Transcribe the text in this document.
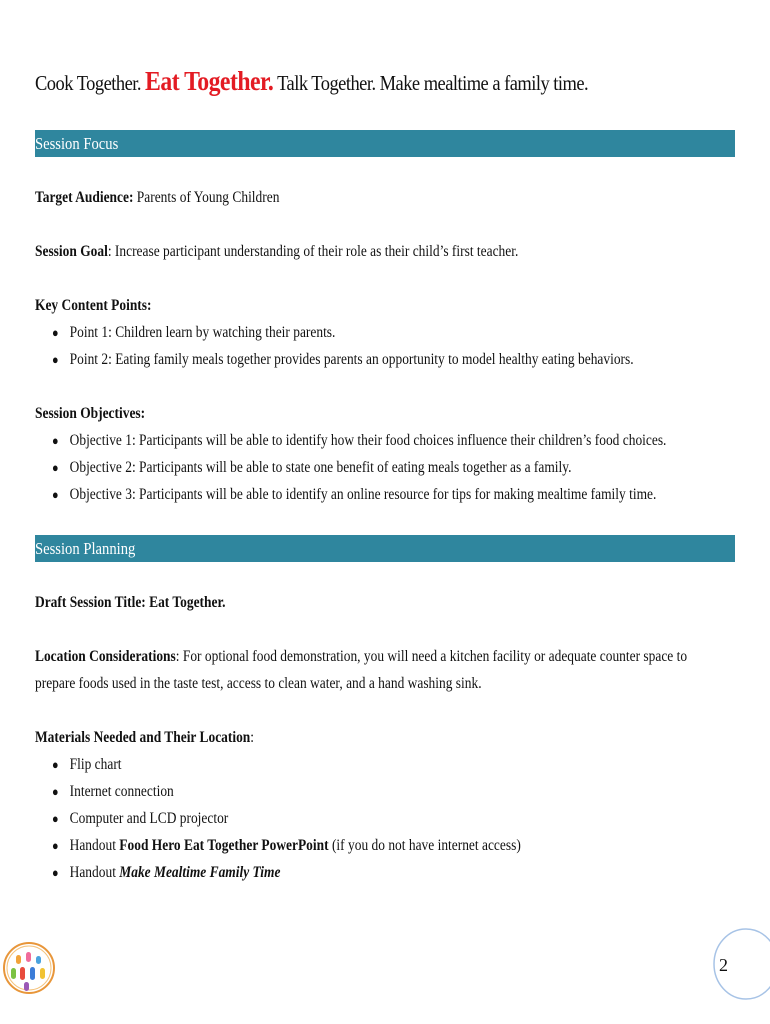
Cook Together. Eat Together. Talk Together. Make mealtime a family time.
Session Focus
Target Audience: Parents of Young Children
Session Goal: Increase participant understanding of their role as their child’s first teacher.
Key Content Points:
● Point 1: Children learn by watching their parents.
● Point 2: Eating family meals together provides parents an opportunity to model healthy eating behaviors.
Session Objectives:
● Objective 1: Participants will be able to identify how their food choices influence their children’s food choices.
● Objective 2: Participants will be able to state one benefit of eating meals together as a family.
● Objective 3: Participants will be able to identify an online resource for tips for making mealtime family time.
Session Planning
Draft Session Title: Eat Together.
Location Considerations: For optional food demonstration, you will need a kitchen facility or adequate counter space to
prepare foods used in the taste test, access to clean water, and a hand washing sink.
Materials Needed and Their Location:
● Flip chart
● Internet connection
● Computer and LCD projector
● Handout Food Hero Eat Together PowerPoint (if you do not have internet access)
● Handout Make Mealtime Family Time
2
